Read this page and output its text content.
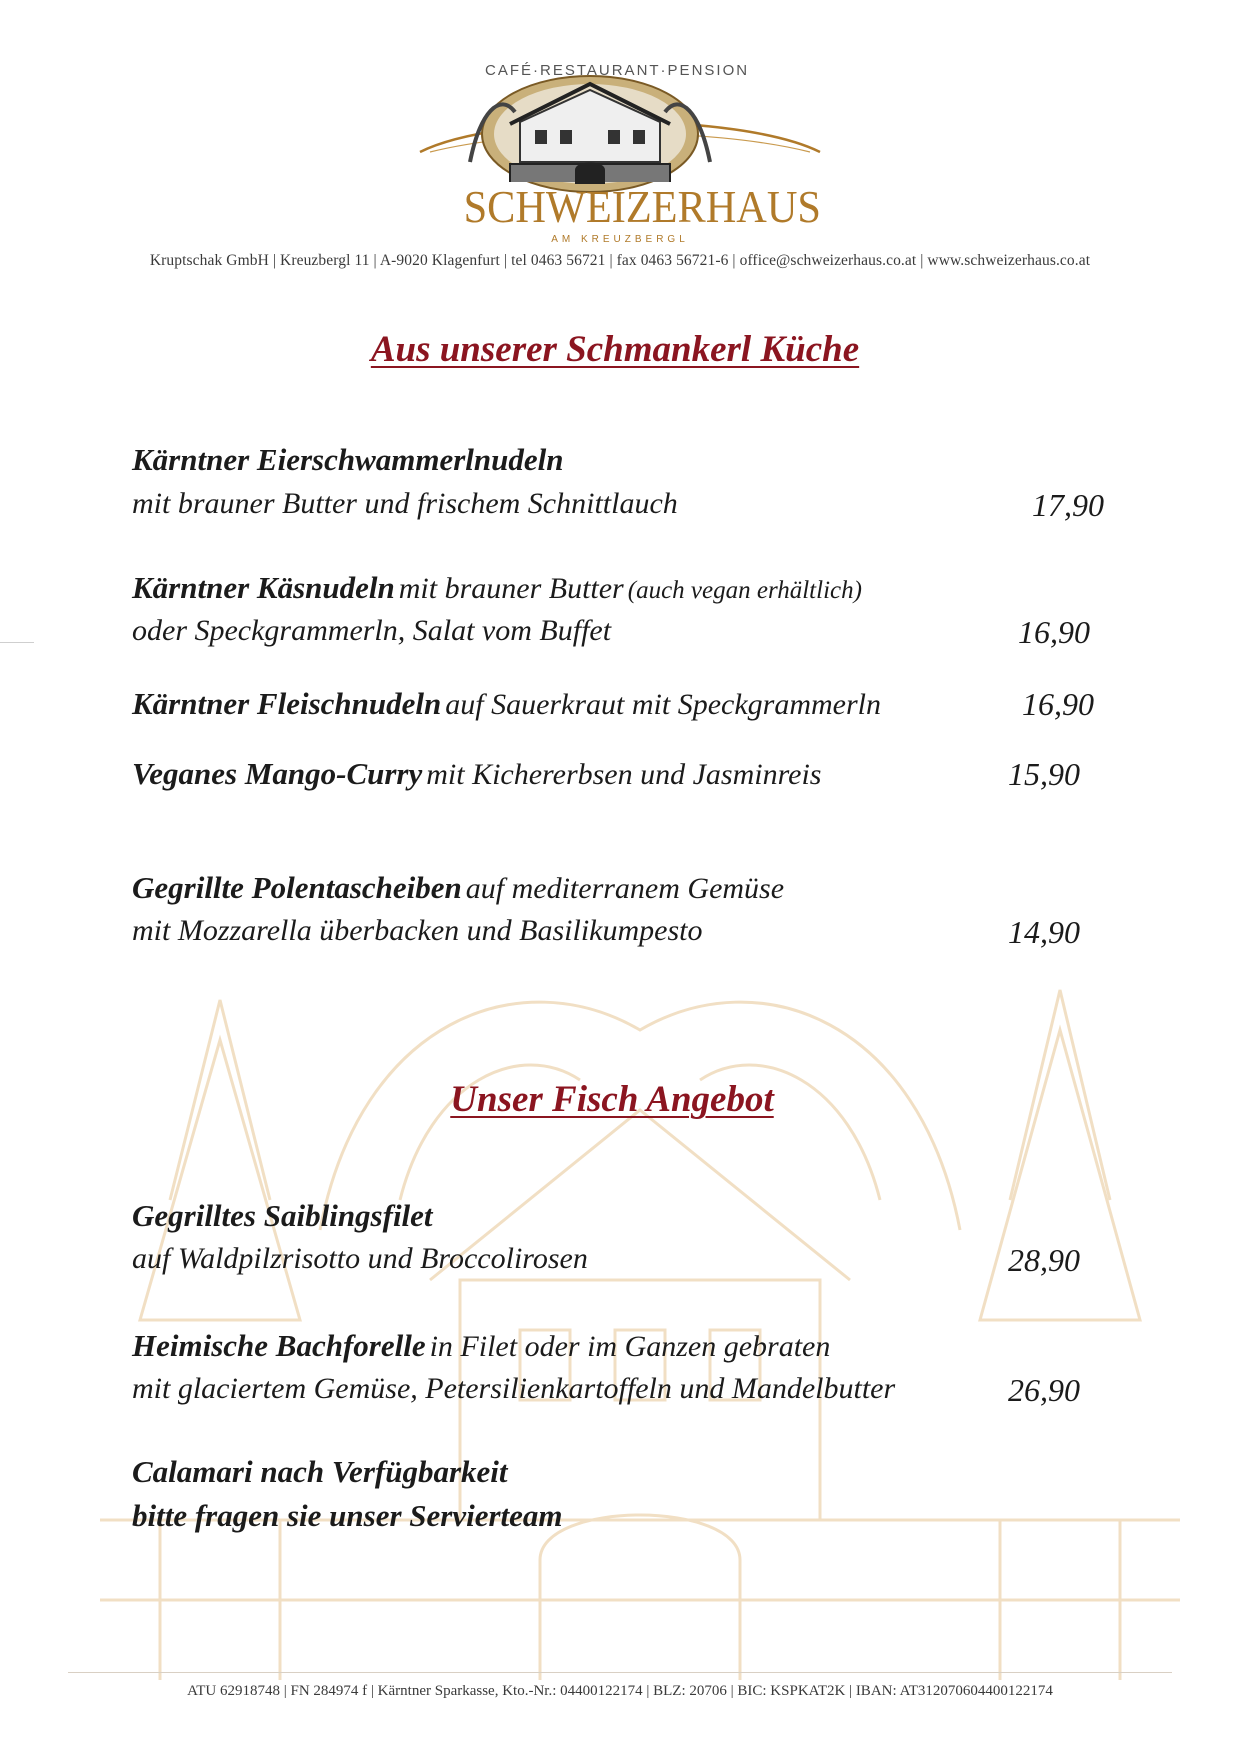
AM KREUZBERGL
CAFÉ·RESTAURANT·PENSION
SCHWEIZERHAUS
Kruptschak GmbH | Kreuzbergl 11 | A-9020 Klagenfurt | tel 0463 56721 | fax 0463 56721-6 | office@schweizerhaus.co.at | www.schweizerhaus.co.at
Aus unserer Schmankerl Küche
Kärntner Eierschwammerlnudeln
mit brauner Butter und frischem Schnittlauch	17,90
Kärntner Käsnudeln mit brauner Butter (auch vegan erhältlich)
oder Speckgrammerln, Salat vom Buffet	16,90
Kärntner Fleischnudeln auf Sauerkraut mit Speckgrammerln	16,90
Veganes Mango-Curry mit Kichererbsen und Jasminreis	15,90
Gegrillte Polentascheiben auf mediterranem Gemüse
mit Mozzarella überbacken und Basilikumpesto	14,90
Unser Fisch Angebot
Gegrilltes Saiblingsfilet
auf Waldpilzrisotto und Broccolirosen	28,90
Heimische Bachforelle in Filet oder im Ganzen gebraten
mit glaciertem Gemüse, Petersilienkartoffeln und Mandelbutter	26,90
Calamari nach Verfügbarkeit
bitte fragen sie unser Servierteam
ATU 62918748 | FN 284974 f | Kärntner Sparkasse, Kto.-Nr.: 04400122174 | BLZ: 20706 | BIC: KSPKAT2K | IBAN: AT312070604400122174
